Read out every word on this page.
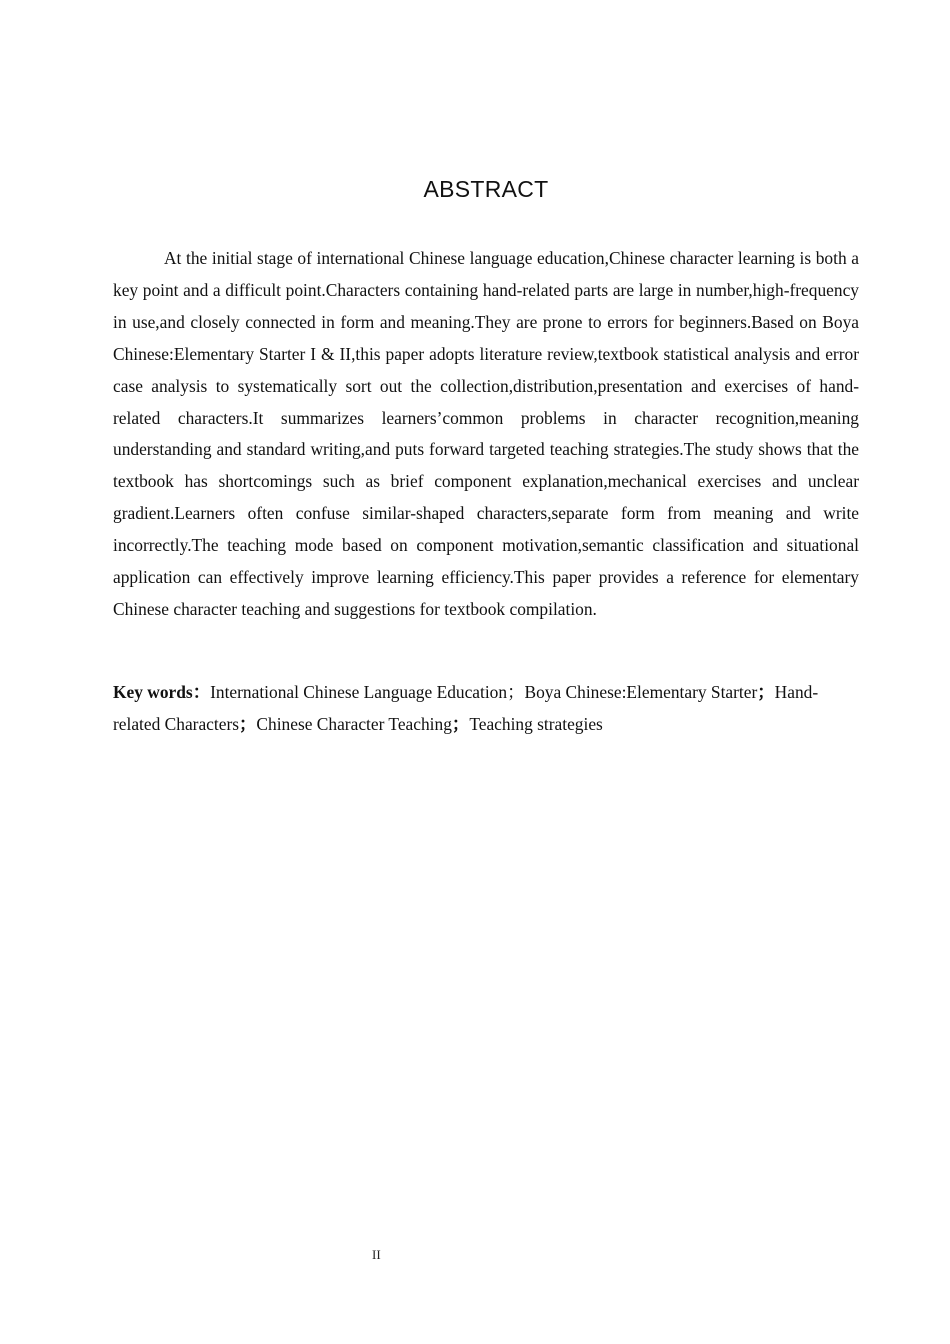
ABSTRACT

At the initial stage of international Chinese language education,Chinese character learning is both a key point and a difficult point.Characters containing hand-related parts are large in number,high-frequency in use,and closely connected in form and meaning.They are prone to errors for beginners.Based on Boya Chinese:Elementary Starter I & II,this paper adopts literature review,textbook statistical analysis and error case analysis to systematically sort out the collection,distribution,presentation and exercises of hand-related characters.It summarizes learners’common problems in character recognition,meaning understanding and standard writing,and puts forward targeted teaching strategies.The study shows that the textbook has shortcomings such as brief component explanation,mechanical exercises and unclear gradient.Learners often confuse similar-shaped characters,separate form from meaning and write incorrectly.The teaching mode based on component motivation,semantic classification and situational application can effectively improve learning efficiency.This paper provides a reference for elementary Chinese character teaching and suggestions for textbook compilation.

Key words：International Chinese Language Education；Boya Chinese:Elementary Starter；Hand-related Characters；Chinese Character Teaching；Teaching strategies

II
